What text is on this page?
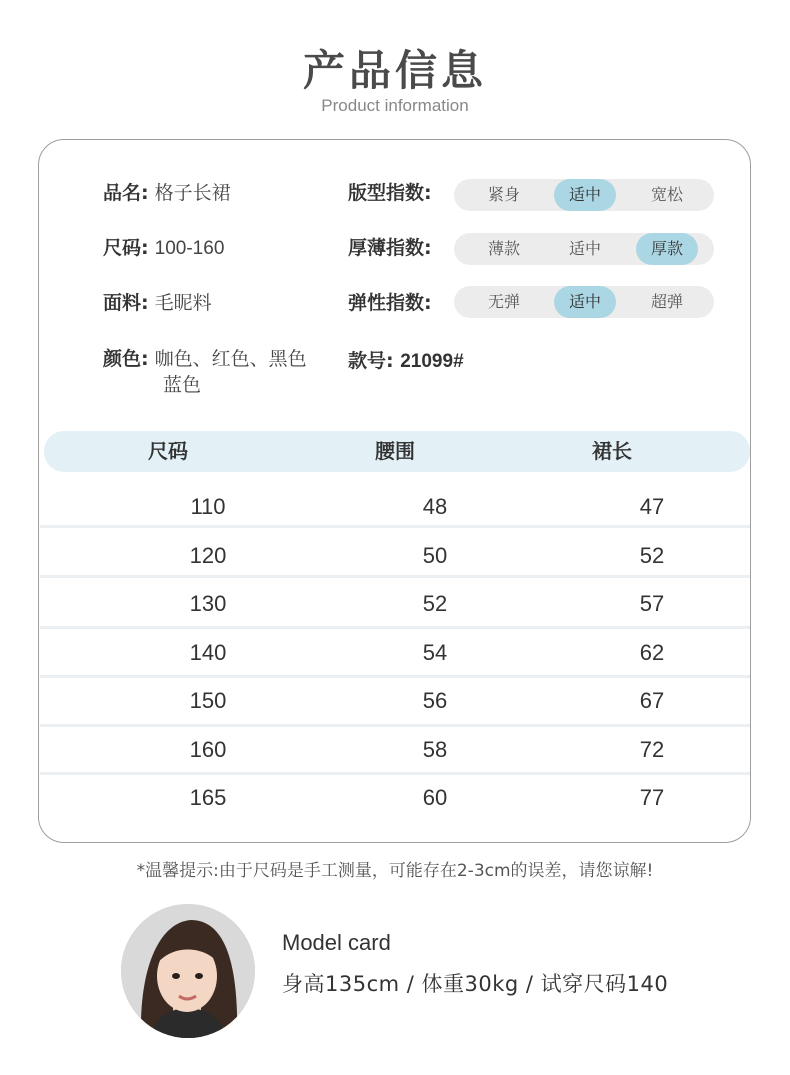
产品信息
Product information
品名: 格子长裙
尺码: 100-160
面料: 毛昵料
颜色: 咖色、红色、黑色
蓝色
版型指数:	紧身	适中	宽松
厚薄指数:	薄款	适中	厚款
弹性指数:	无弹	适中	超弹
款号: 21099#
尺码	腰围	裙长
110	48	47
120	50	52
130	52	57
140	54	62
150	56	67
160	58	72
165	60	77
*温馨提示:由于尺码是手工测量，可能存在2-3cm的误差，请您谅解!
Model card
身高135cm / 体重30kg / 试穿尺码140
